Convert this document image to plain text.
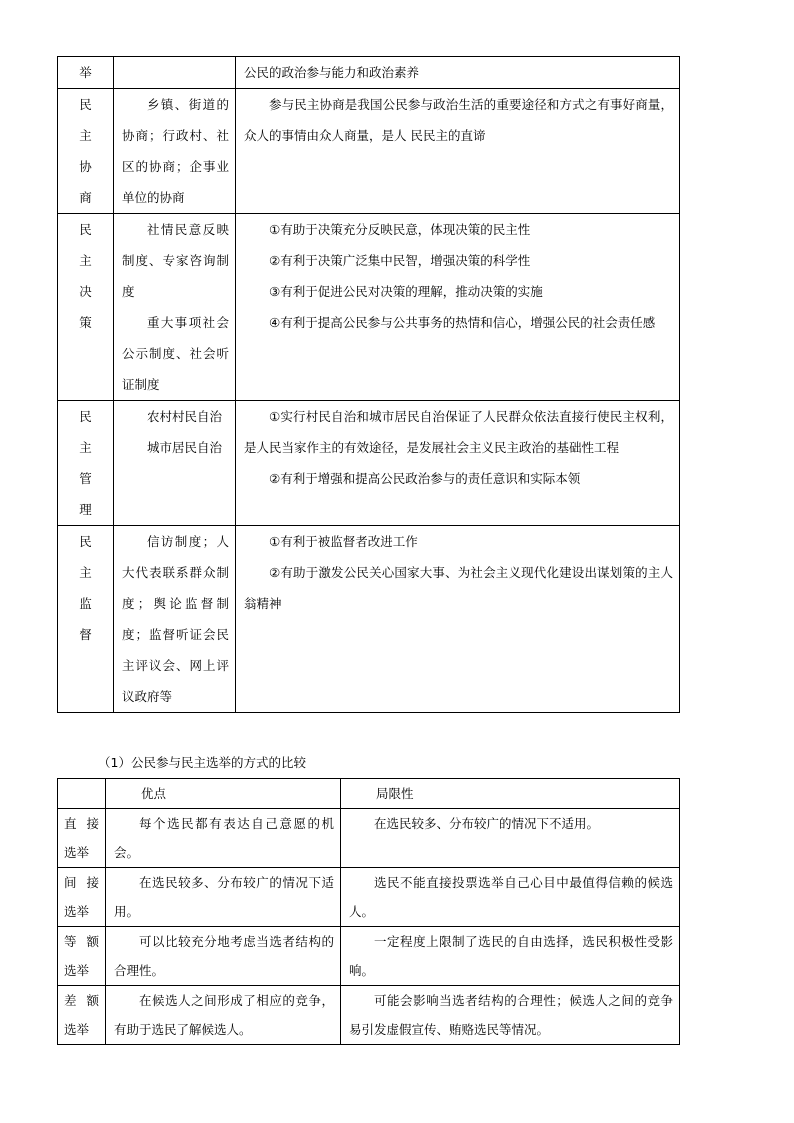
举		公民的政治参与能力和政治素养

民
主
协
商	乡镇、街道的协商；行政村、社区的协商；企事业单位的协商	参与民主协商是我国公民参与政治生活的重要途径和方式之有事好商量，众人的事情由众人商量，是人 民民主的直谛

民
主
决
策	社情民意反映制度、专家咨询制度
重大事项社会公示制度、社会听证制度	①有助于决策充分反映民意，体现决策的民主性
②有利于决策广泛集中民智，增强决策的科学性
③有利于促进公民对决策的理解，推动决策的实施
④有利于提高公民参与公共事务的热情和信心，增强公民的社会责任感

民
主
管
理	农村村民自治
城市居民自治	①实行村民自治和城市居民自治保证了人民群众依法直接行使民主权利，是人民当家作主的有效途径，是发展社会主义民主政治的基础性工程
②有利于增强和提高公民政治参与的责任意识和实际本领

民
主
监
督	信访制度；人大代表联系群众制度；舆论监督制度；监督听证会民主评议会、网上评议政府等	①有利于被监督者改进工作
②有助于激发公民关心国家大事、为社会主义现代化建设出谋划策的主人翁精神
（1）公民参与民主选举的方式的比较
	优点	局限性

直接
选举	每个选民都有表达自己意愿的机会。	在选民较多、分布较广的情况下不适用。

间接
选举	在选民较多、分布较广的情况下适用。	选民不能直接投票选举自己心目中最值得信赖的候选人。

等额
选举	可以比较充分地考虑当选者结构的合理性。	一定程度上限制了选民的自由选择，选民积极性受影响。

差额
选举	在候选人之间形成了相应的竞争，有助于选民了解候选人。	可能会影响当选者结构的合理性；候选人之间的竞争易引发虚假宣传、贿赂选民等情况。
